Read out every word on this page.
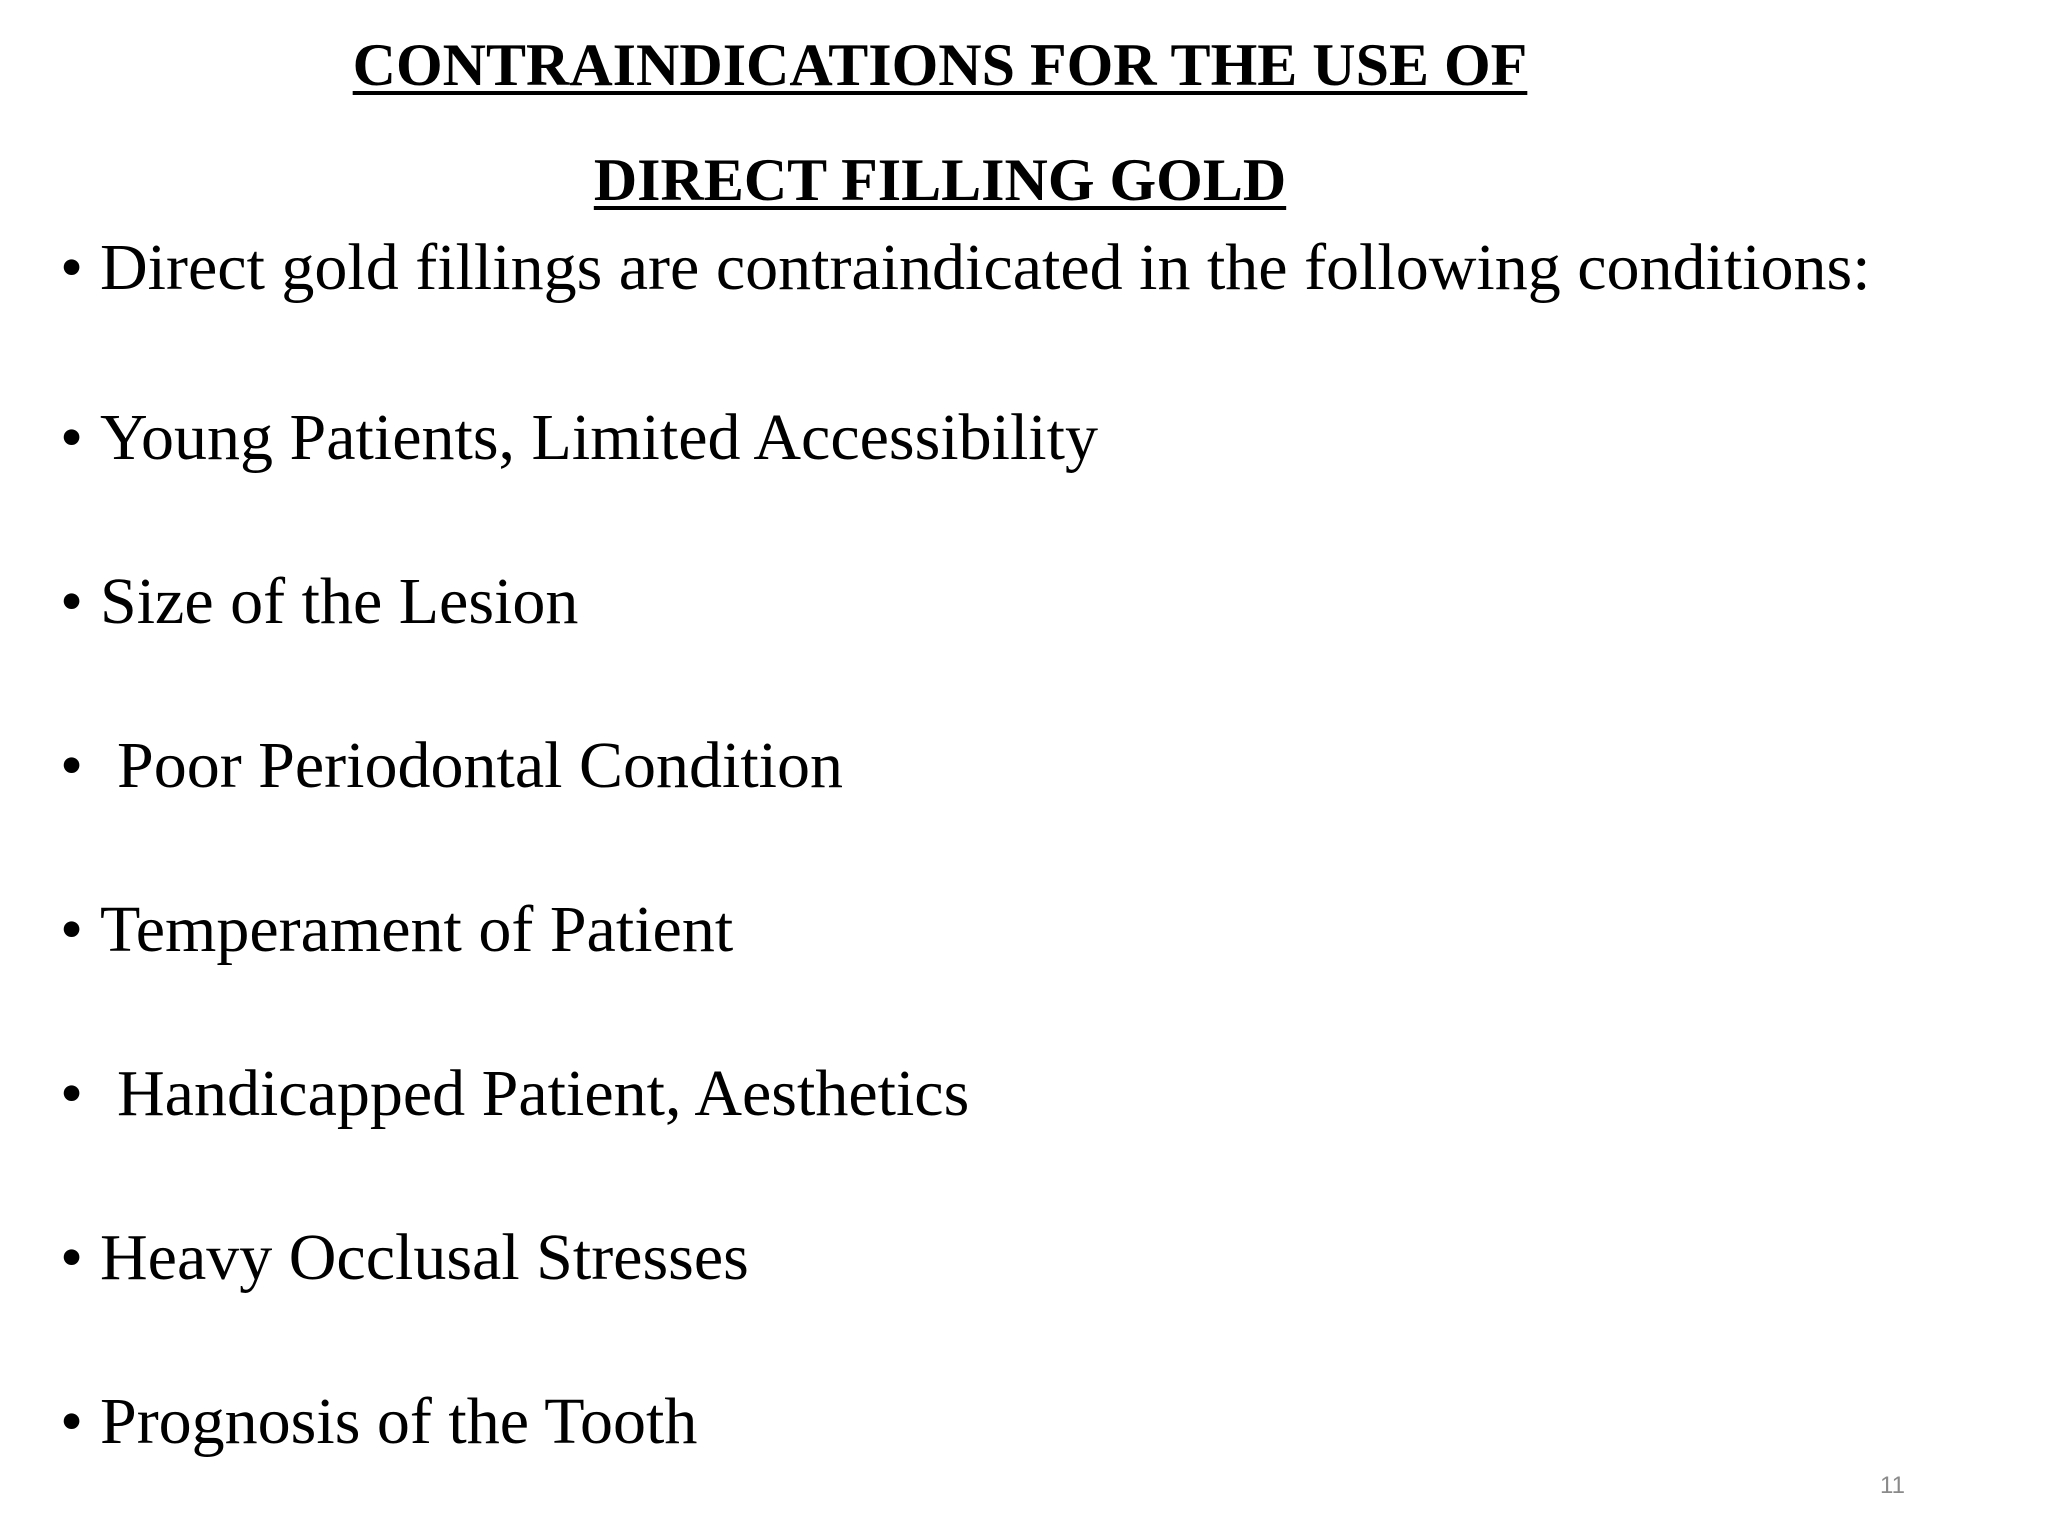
CONTRAINDICATIONS FOR THE USE OF
DIRECT FILLING GOLD
• Direct gold fillings are contraindicated in the following conditions:
• Young Patients, Limited Accessibility
• Size of the Lesion
• Poor Periodontal Condition
• Temperament of Patient
• Handicapped Patient, Aesthetics
• Heavy Occlusal Stresses
• Prognosis of the Tooth
11
